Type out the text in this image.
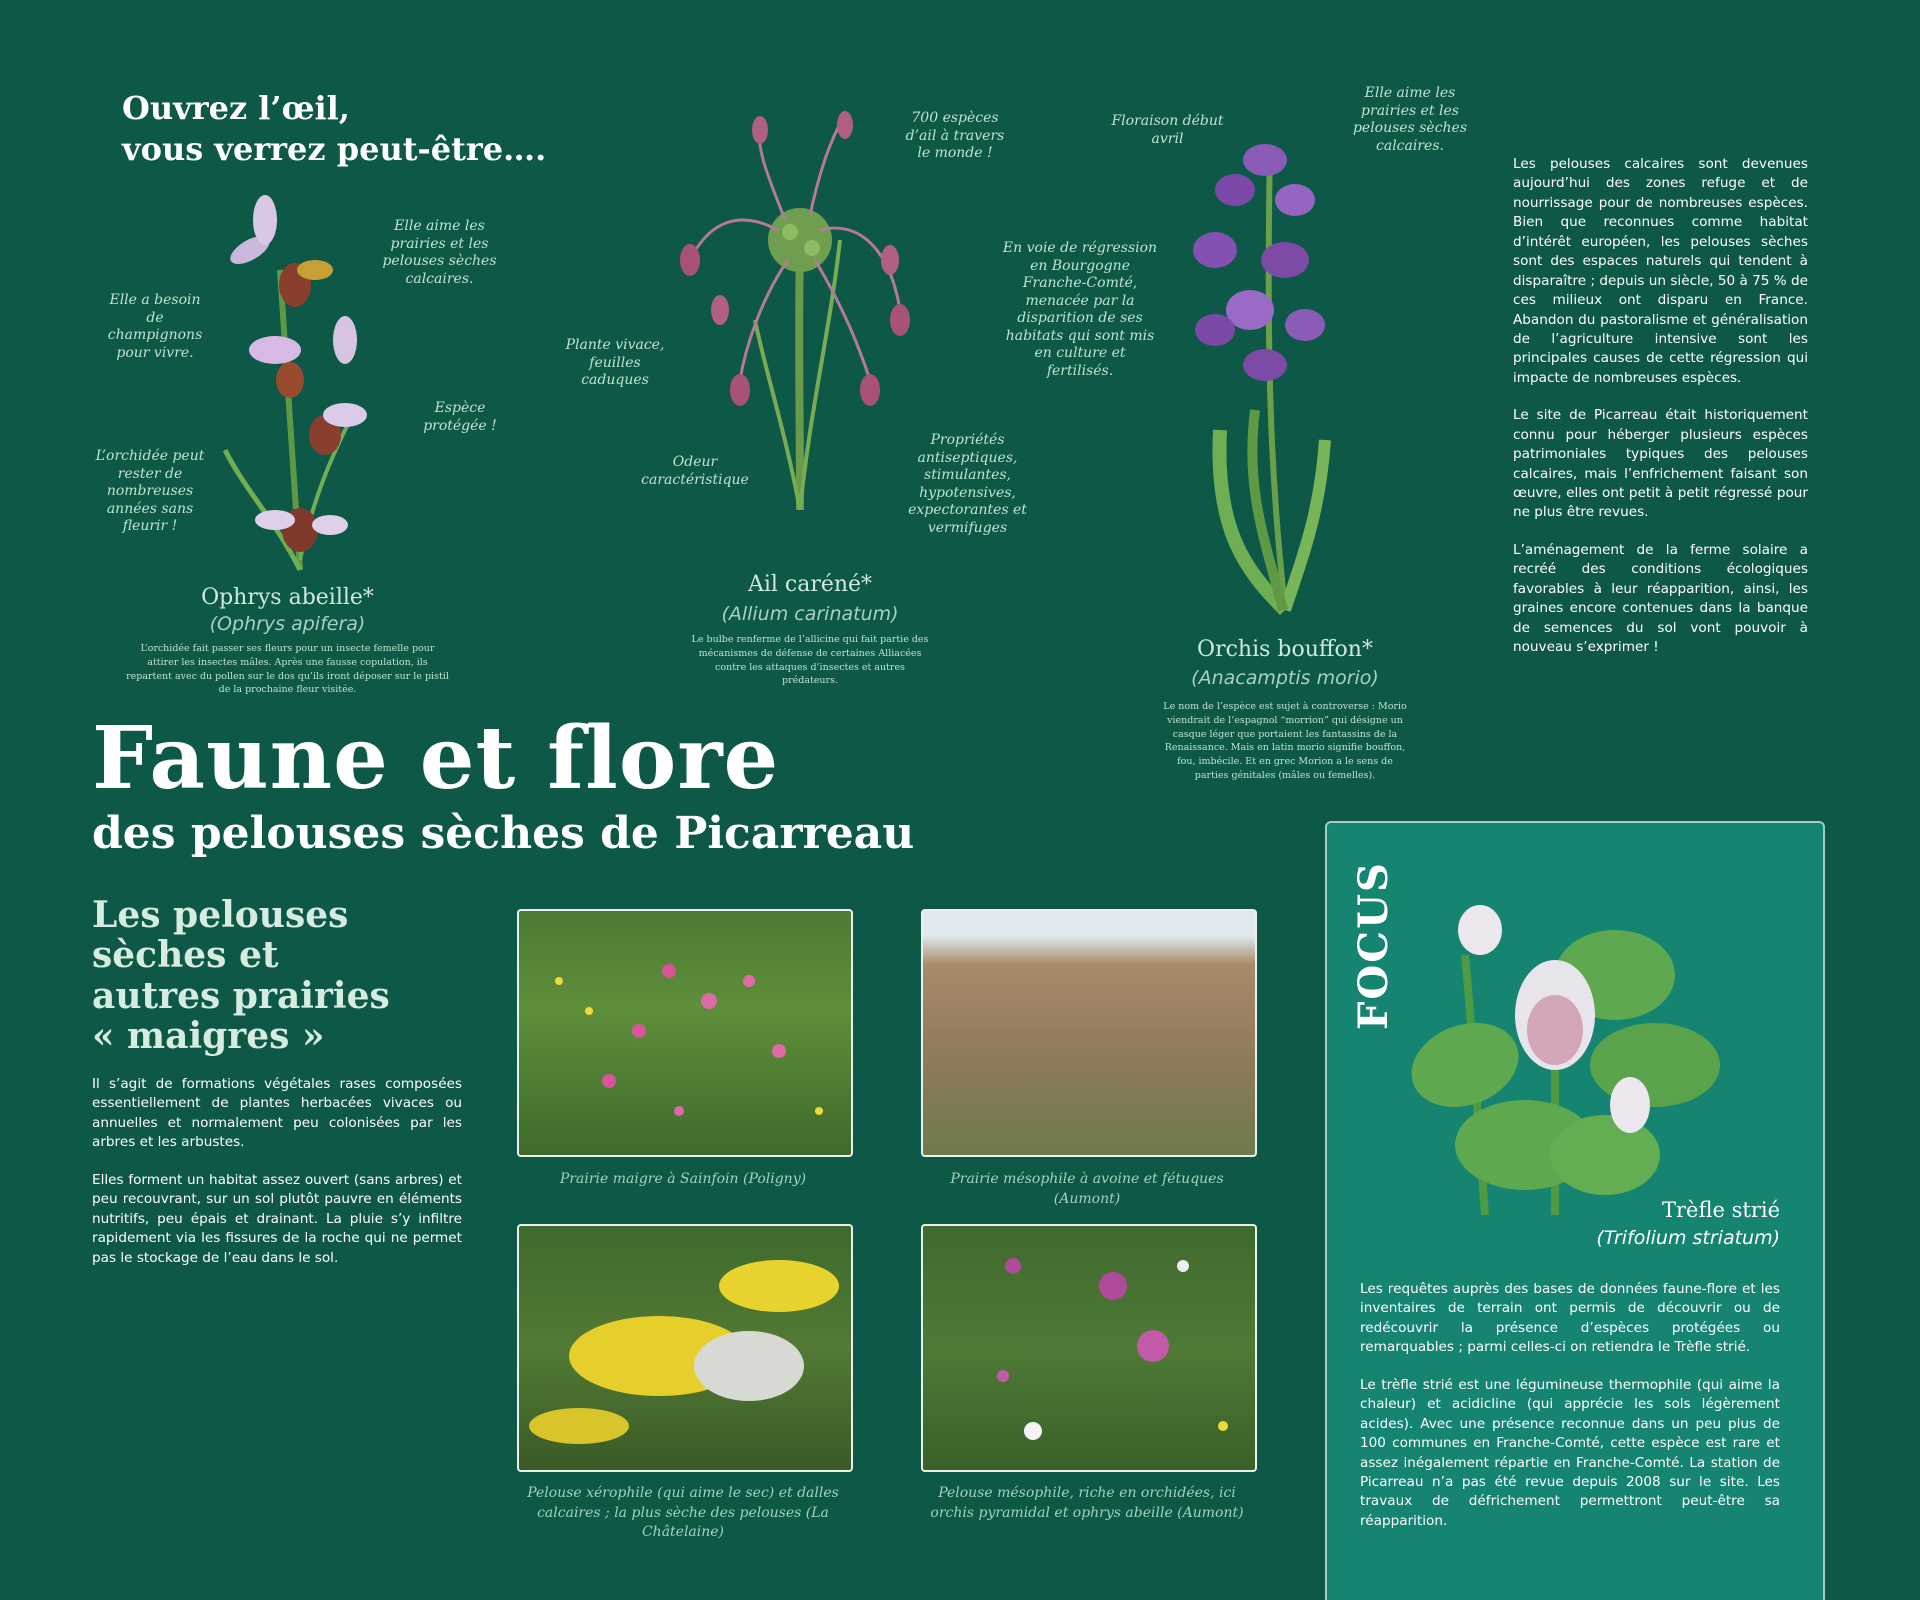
Ouvrez l’œil,
vous verrez peut-être….
Elle aime les prairies et les pelouses sèches calcaires.
Elle a besoin de champignons pour vivre.
Espèce protégée !
L’orchidée peut rester de nombreuses années sans fleurir !
Ophrys abeille*
(Ophrys apifera)
L’orchidée fait passer ses fleurs pour un insecte femelle pour attirer les insectes mâles. Après une fausse copulation, ils repartent avec du pollen sur le dos qu’ils iront déposer sur le pistil de la prochaine fleur visitée.
700 espèces d’ail à travers le monde !
Plante vivace, feuilles caduques
Odeur caractéristique
Propriétés antiseptiques, stimulantes, hypotensives, expectorantes et vermifuges
Ail caréné*
(Allium carinatum)
Le bulbe renferme de l’allicine qui fait partie des mécanismes de défense de certaines Alliacées contre les attaques d’insectes et autres prédateurs.
Floraison début avril
Elle aime les prairies et les pelouses sèches calcaires.
En voie de régression en Bourgogne Franche-Comté, menacée par la disparition de ses habitats qui sont mis en culture et fertilisés.
Orchis bouffon*
(Anacamptis morio)
Le nom de l’espèce est sujet à controverse : Morio viendrait de l’espagnol “morrion” qui désigne un casque léger que portaient les fantassins de la Renaissance. Mais en latin morio signifie bouffon, fou, imbécile. Et en grec Morion a le sens de parties génitales (mâles ou femelles).

Les pelouses calcaires sont devenues aujourd’hui des zones refuge et de nourrissage pour de nombreuses espèces. Bien que reconnues comme habitat d’intérêt européen, les pelouses sèches sont des espaces naturels qui tendent à disparaître ; depuis un siècle, 50 à 75 % de ces milieux ont disparu en France. Abandon du pastoralisme et généralisation de l’agriculture intensive sont les principales causes de cette régression qui impacte de nombreuses espèces.

Le site de Picarreau était historiquement connu pour héberger plusieurs espèces patrimoniales typiques des pelouses calcaires, mais l’enfrichement faisant son œuvre, elles ont petit à petit régressé pour ne plus être revues.

L’aménagement de la ferme solaire a recréé des conditions écologiques favorables à leur réapparition, ainsi, les graines encore contenues dans la banque de semences du sol vont pouvoir à nouveau s’exprimer !

Faune et flore
des pelouses sèches de Picarreau
Les pelouses
sèches et
autres prairies
« maigres »

Il s’agit de formations végétales rases composées essentiellement de plantes herbacées vivaces ou annuelles et normalement peu colonisées par les arbres et les arbustes.

Elles forment un habitat assez ouvert (sans arbres) et peu recouvrant, sur un sol plutôt pauvre en éléments nutritifs, peu épais et drainant. La pluie s’y infiltre rapidement via les fissures de la roche qui ne permet pas le stockage de l’eau dans le sol.

Prairie maigre à Sainfoin (Poligny)	Prairie mésophile à avoine et fétuques (Aumont)
Pelouse xérophile (qui aime le sec) et dalles calcaires ; la plus sèche des pelouses (La Châtelaine)
Pelouse mésophile, riche en orchidées, ici orchis pyramidal et ophrys abeille (Aumont)
FOCUS
Trèfle strié
(Trifolium striatum)

Les requêtes auprès des bases de données faune-flore et les inventaires de terrain ont permis de découvrir ou de redécouvrir la présence d’espèces protégées ou remarquables ; parmi celles-ci on retiendra le Trèfle strié.

Le trèfle strié est une légumineuse thermophile (qui aime la chaleur) et acidicline (qui apprécie les sols légèrement acides). Avec une présence reconnue dans un peu plus de 100 communes en Franche-Comté, cette espèce est rare et assez inégalement répartie en Franche-Comté. La station de Picarreau n’a pas été revue depuis 2008 sur le site. Les travaux de défrichement permettront peut-être sa réapparition.
